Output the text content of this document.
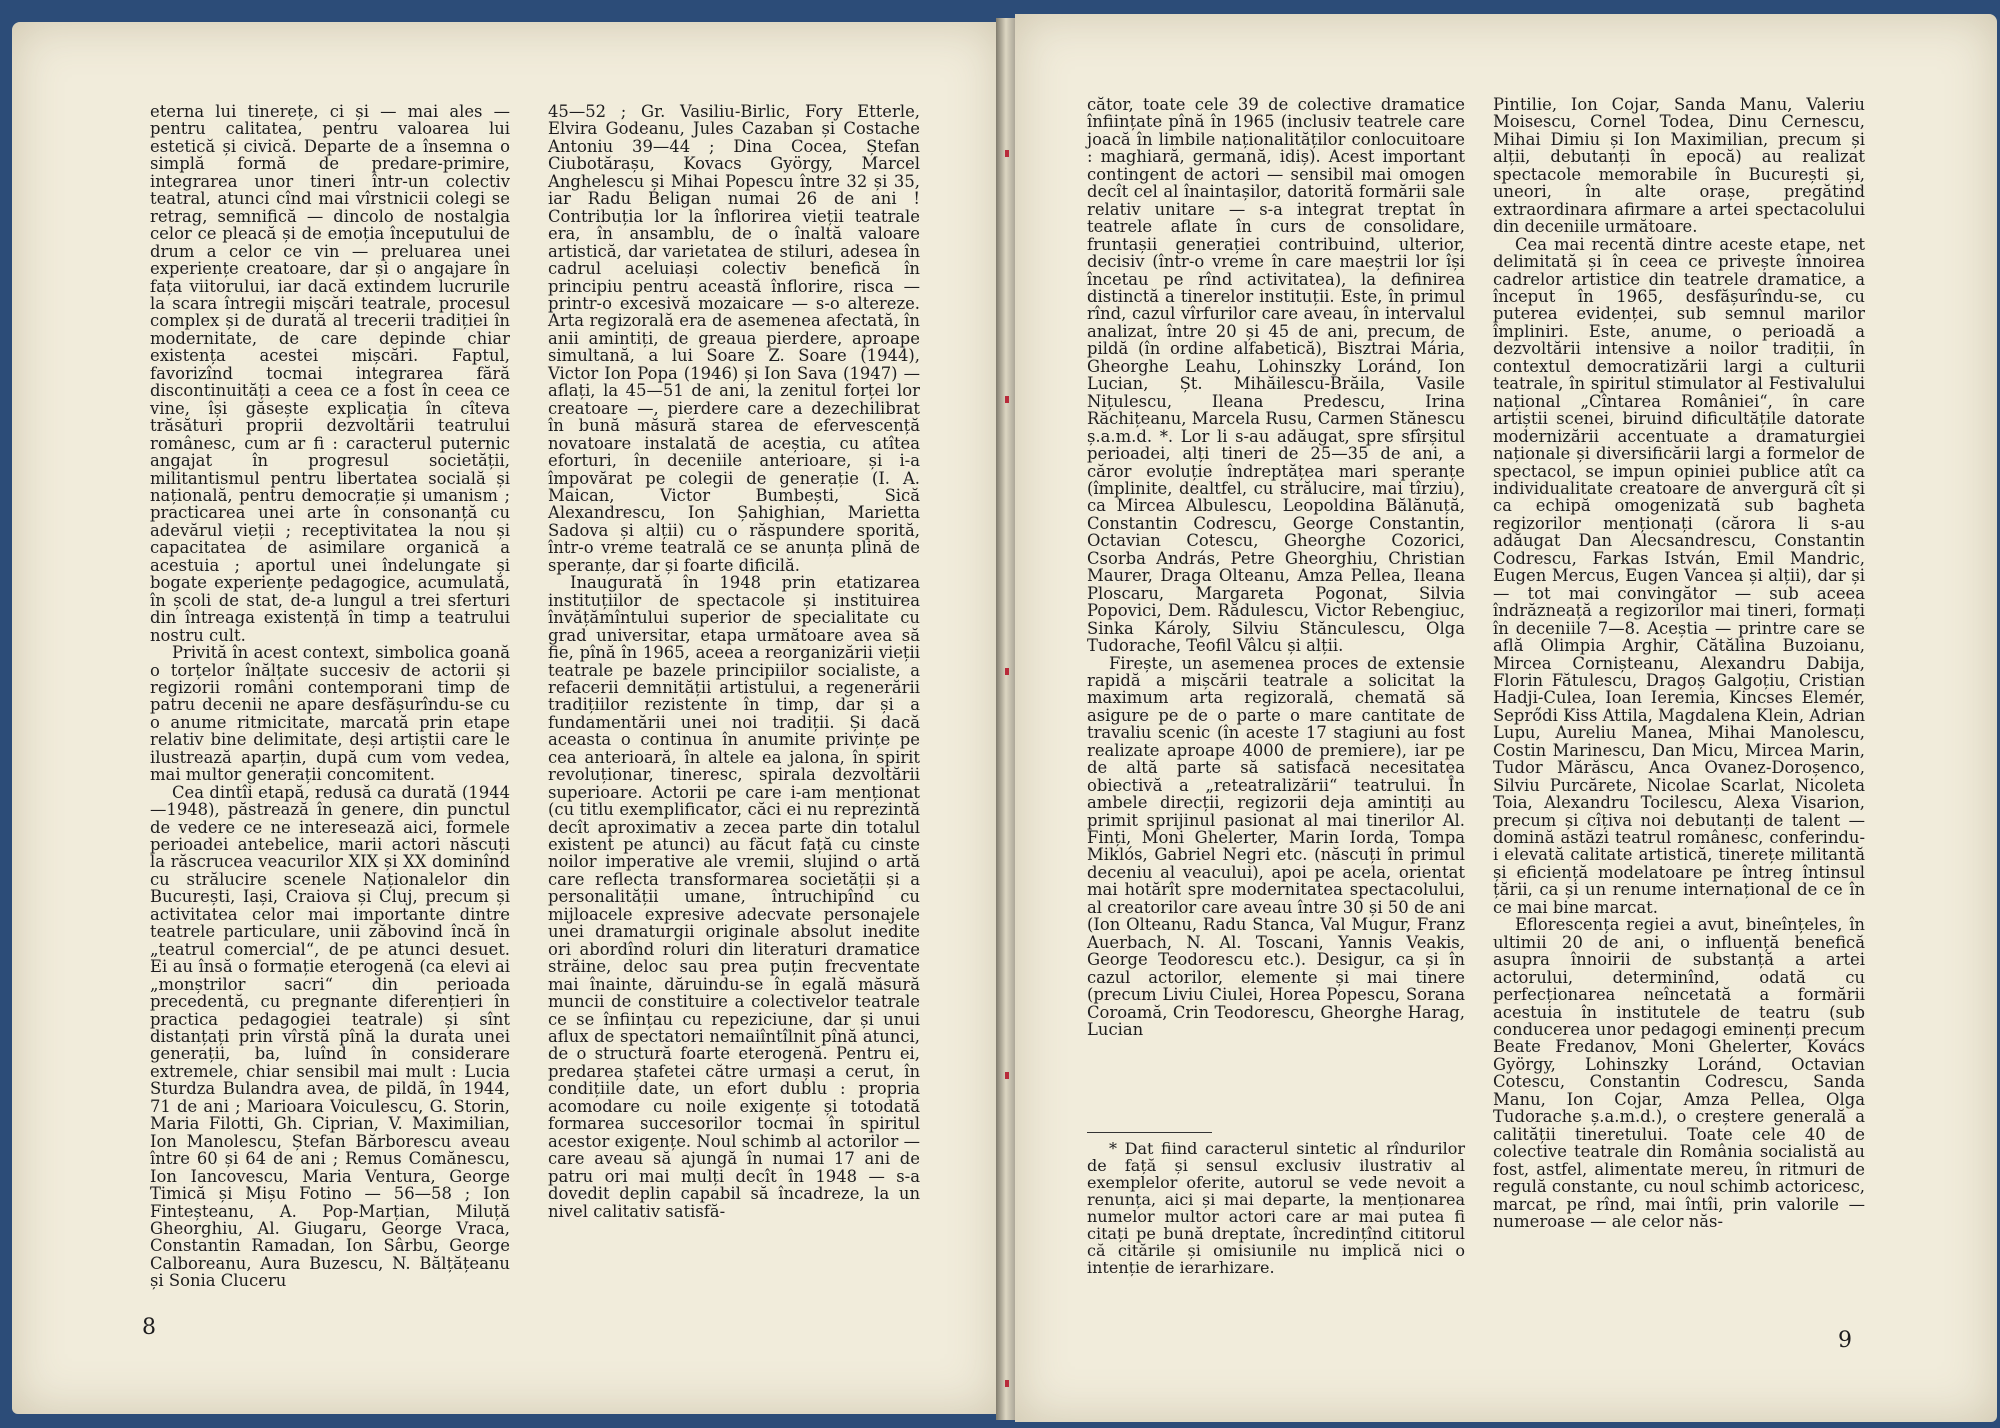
eterna lui tinerețe, ci și — mai ales — pentru calitatea, pentru valoarea lui estetică și civică. Departe de a însemna o simplă formă de predare-primire, integrarea unor tineri într-un colectiv teatral, atunci cînd mai vîrstnicii colegi se retrag, semnifică — dincolo de nostalgia celor ce pleacă și de emoția începutului de drum a celor ce vin — preluarea unei experiențe creatoare, dar și o angajare în fața viitorului, iar dacă extindem lucrurile la scara întregii mișcări teatrale, procesul complex și de durată al trecerii tradiției în modernitate, de care depinde chiar existența acestei mișcări. Faptul, favorizînd tocmai integrarea fără discontinuități a ceea ce a fost în ceea ce vine, își găsește explicația în cîteva trăsături proprii dezvoltării teatrului românesc, cum ar fi : caracterul puternic angajat în progresul societății, militantismul pentru libertatea socială și națională, pentru democrație și umanism ; practicarea unei arte în consonanță cu adevărul vieții ; receptivitatea la nou și capacitatea de asimilare organică a acestuia ; aportul unei îndelungate și bogate experiențe pedagogice, acumulată, în școli de stat, de-a lungul a trei sferturi din întreaga existență în timp a teatrului nostru cult.

Privită în acest context, simbolica goană o torțelor înălțate succesiv de actorii și regizorii români contemporani timp de patru decenii ne apare desfășurîndu-se cu o anume ritmicitate, marcată prin etape relativ bine delimitate, deși artiștii care le ilustrează aparțin, după cum vom vedea, mai multor generații concomitent.

Cea dintîi etapă, redusă ca durată (1944—1948), păstrează în genere, din punctul de vedere ce ne interesează aici, formele perioadei antebelice, marii actori născuți la răscrucea veacurilor XIX și XX dominînd cu strălucire scenele Naționalelor din București, Iași, Craiova și Cluj, precum și activitatea celor mai importante dintre teatrele particulare, unii zăbovind încă în „teatrul comercial“, de pe atunci desuet. Ei au însă o formație eterogenă (ca elevi ai „monștrilor sacri“ din perioada precedentă, cu pregnante diferențieri în practica pedagogiei teatrale) și sînt distanțați prin vîrstă pînă la durata unei generații, ba, luînd în considerare extremele, chiar sensibil mai mult : Lucia Sturdza Bulandra avea, de pildă, în 1944, 71 de ani ; Marioara Voiculescu, G. Storin, Maria Filotti, Gh. Ciprian, V. Maximilian, Ion Manolescu, Ștefan Bărborescu aveau între 60 și 64 de ani ; Remus Comănescu, Ion Iancovescu, Maria Ventura, George Timică și Mișu Fotino — 56—58 ; Ion Finteșteanu, A. Pop-Marțian, Miluță Gheorghiu, Al. Giugaru, George Vraca, Constantin Ramadan, Ion Sârbu, George Calboreanu, Aura Buzescu, N. Bălțățeanu și Sonia Cluceru

45—52 ; Gr. Vasiliu-Birlic, Fory Etterle, Elvira Godeanu, Jules Cazaban și Costache Antoniu 39—44 ; Dina Cocea, Ștefan Ciubotărașu, Kovacs György, Marcel Anghelescu și Mihai Popescu între 32 și 35, iar Radu Beligan numai 26 de ani ! Contribuția lor la înflorirea vieții teatrale era, în ansamblu, de o înaltă valoare artistică, dar varietatea de stiluri, adesea în cadrul aceluiași colectiv benefică în principiu pentru această înflorire, risca — printr-o excesivă mozaicare — s-o altereze. Arta regizorală era de asemenea afectată, în anii amintiți, de greaua pierdere, aproape simultană, a lui Soare Z. Soare (1944), Victor Ion Popa (1946) și Ion Sava (1947) — aflați, la 45—51 de ani, la zenitul forței lor creatoare —, pierdere care a dezechilibrat în bună măsură starea de efervescență novatoare instalată de aceștia, cu atîtea eforturi, în deceniile anterioare, și i-a împovărat pe colegii de generație (I. A. Maican, Victor Bumbești, Sică Alexandrescu, Ion Șahighian, Marietta Sadova și alții) cu o răspundere sporită, într-o vreme teatrală ce se anunța plină de speranțe, dar și foarte dificilă.

Inaugurată în 1948 prin etatizarea instituțiilor de spectacole și instituirea învățămîntului superior de specialitate cu grad universitar, etapa următoare avea să fie, pînă în 1965, aceea a reorganizării vieții teatrale pe bazele principiilor socialiste, a refacerii demnității artistului, a regenerării tradițiilor rezistente în timp, dar și a fundamentării unei noi tradiții. Și dacă aceasta o continua în anumite privințe pe cea anterioară, în altele ea jalona, în spirit revoluționar, tineresc, spirala dezvoltării superioare. Actorii pe care i-am menționat (cu titlu exemplificator, căci ei nu reprezintă decît aproximativ a zecea parte din totalul existent pe atunci) au făcut față cu cinste noilor imperative ale vremii, slujind o artă care reflecta transformarea societății și a personalității umane, întruchipînd cu mijloacele expresive adecvate personajele unei dramaturgii originale absolut inedite ori abordînd roluri din literaturi dramatice străine, deloc sau prea puțin frecventate mai înainte, dăruindu-se în egală măsură muncii de constituire a colectivelor teatrale ce se înființau cu repeziciune, dar și unui aflux de spectatori nemaiîntîlnit pînă atunci, de o structură foarte eterogenă. Pentru ei, predarea ștafetei către urmași a cerut, în condițiile date, un efort dublu : propria acomodare cu noile exigențe și totodată formarea succesorilor tocmai în spiritul acestor exigențe. Noul schimb al actorilor — care aveau să ajungă în numai 17 ani de patru ori mai mulți decît în 1948 — s-a dovedit deplin capabil să încadreze, la un nivel calitativ satisfă-

cător, toate cele 39 de colective dramatice înființate pînă în 1965 (inclusiv teatrele care joacă în limbile naționalităților conlocuitoare : maghiară, germană, idiș). Acest important contingent de actori — sensibil mai omogen decît cel al înaintașilor, datorită formării sale relativ unitare — s-a integrat treptat în teatrele aflate în curs de consolidare, fruntașii generației contribuind, ulterior, decisiv (într-o vreme în care maeștrii lor își încetau pe rînd activitatea), la definirea distinctă a tinerelor instituții. Este, în primul rînd, cazul vîrfurilor care aveau, în intervalul analizat, între 20 și 45 de ani, precum, de pildă (în ordine alfabetică), Bisztrai Mária, Gheorghe Leahu, Lohinszky Loránd, Ion Lucian, Șt. Mihăilescu-Brăila, Vasile Nițulescu, Ileana Predescu, Irina Răchițeanu, Marcela Rusu, Carmen Stănescu ș.a.m.d. *. Lor li s-au adăugat, spre sfîrșitul perioadei, alți tineri de 25—35 de ani, a căror evoluție îndreptățea mari speranțe (împlinite, dealtfel, cu strălucire, mai tîrziu), ca Mircea Albulescu, Leopoldina Bălănuță, Constantin Codrescu, George Constantin, Octavian Cotescu, Gheorghe Cozorici, Csorba András, Petre Gheorghiu, Christian Maurer, Draga Olteanu, Amza Pellea, Ileana Ploscaru, Margareta Pogonat, Silvia Popovici, Dem. Rădulescu, Victor Rebengiuc, Sinka Károly, Silviu Stănculescu, Olga Tudorache, Teofil Vâlcu și alții.

Firește, un asemenea proces de extensie rapidă a mișcării teatrale a solicitat la maximum arta regizorală, chemată să asigure pe de o parte o mare cantitate de travaliu scenic (în aceste 17 stagiuni au fost realizate aproape 4000 de premiere), iar pe de altă parte să satisfacă necesitatea obiectivă a „reteatralizării“ teatrului. În ambele direcții, regizorii deja amintiți au primit sprijinul pasionat al mai tinerilor Al. Finți, Moni Ghelerter, Marin Iorda, Tompa Miklós, Gabriel Negri etc. (născuți în primul deceniu al veacului), apoi pe acela, orientat mai hotărît spre modernitatea spectacolului, al creatorilor care aveau între 30 și 50 de ani (Ion Olteanu, Radu Stanca, Val Mugur, Franz Auerbach, N. Al. Toscani, Yannis Veakis, George Teodorescu etc.). Desigur, ca și în cazul actorilor, elemente și mai tinere (precum Liviu Ciulei, Horea Popescu, Sorana Coroamă, Crin Teodorescu, Gheorghe Harag, Lucian

* Dat fiind caracterul sintetic al rîndurilor de față și sensul exclusiv ilustrativ al exemplelor oferite, autorul se vede nevoit a renunța, aici și mai departe, la menționarea numelor multor actori care ar mai putea fi citați pe bună dreptate, încredințînd cititorul că citările și omisiunile nu implică nici o intenție de ierarhizare.

Pintilie, Ion Cojar, Sanda Manu, Valeriu Moisescu, Cornel Todea, Dinu Cernescu, Mihai Dimiu și Ion Maximilian, precum și alții, debutanți în epocă) au realizat spectacole memorabile în București și, uneori, în alte orașe, pregătind extraordinara afirmare a artei spectacolului din deceniile următoare.

Cea mai recentă dintre aceste etape, net delimitată și în ceea ce privește înnoirea cadrelor artistice din teatrele dramatice, a început în 1965, desfășurîndu-se, cu puterea evidenței, sub semnul marilor împliniri. Este, anume, o perioadă a dezvoltării intensive a noilor tradiții, în contextul democratizării largi a culturii teatrale, în spiritul stimulator al Festivalului național „Cîntarea României“, în care artiștii scenei, biruind dificultățile datorate modernizării accentuate a dramaturgiei naționale și diversificării largi a formelor de spectacol, se impun opiniei publice atît ca individualitate creatoare de anvergură cît și ca echipă omogenizată sub bagheta regizorilor menționați (cărora li s-au adăugat Dan Alecsandrescu, Constantin Codrescu, Farkas István, Emil Mandric, Eugen Mercus, Eugen Vancea și alții), dar și — tot mai convingător — sub aceea îndrăzneață a regizorilor mai tineri, formați în deceniile 7—8. Aceștia — printre care se află Olimpia Arghir, Cătălina Buzoianu, Mircea Cornișteanu, Alexandru Dabija, Florin Fătulescu, Dragoș Galgoțiu, Cristian Hadji-Culea, Ioan Ieremia, Kincses Elemér, Seprődi Kiss Attila, Magdalena Klein, Adrian Lupu, Aureliu Manea, Mihai Manolescu, Costin Marinescu, Dan Micu, Mircea Marin, Tudor Mărăscu, Anca Ovanez-Doroșenco, Silviu Purcărete, Nicolae Scarlat, Nicoleta Toia, Alexandru Tocilescu, Alexa Visarion, precum și cîțiva noi debutanți de talent — domină astăzi teatrul românesc, conferindu-i elevată calitate artistică, tinerețe militantă și eficiență modelatoare pe întreg întinsul țării, ca și un renume internațional de ce în ce mai bine marcat.

Eflorescența regiei a avut, bineînțeles, în ultimii 20 de ani, o influență benefică asupra înnoirii de substanță a artei actorului, determinînd, odată cu perfecționarea neîncetată a formării acestuia în institutele de teatru (sub conducerea unor pedagogi eminenți precum Beate Fredanov, Moni Ghelerter, Kovács György, Lohinszky Loránd, Octavian Cotescu, Constantin Codrescu, Sanda Manu, Ion Cojar, Amza Pellea, Olga Tudorache ș.a.m.d.), o creștere generală a calității tineretului. Toate cele 40 de colective teatrale din România socialistă au fost, astfel, alimentate mereu, în ritmuri de regulă constante, cu noul schimb actoricesc, marcat, pe rînd, mai întîi, prin valorile — numeroase — ale celor năs-

8
9
